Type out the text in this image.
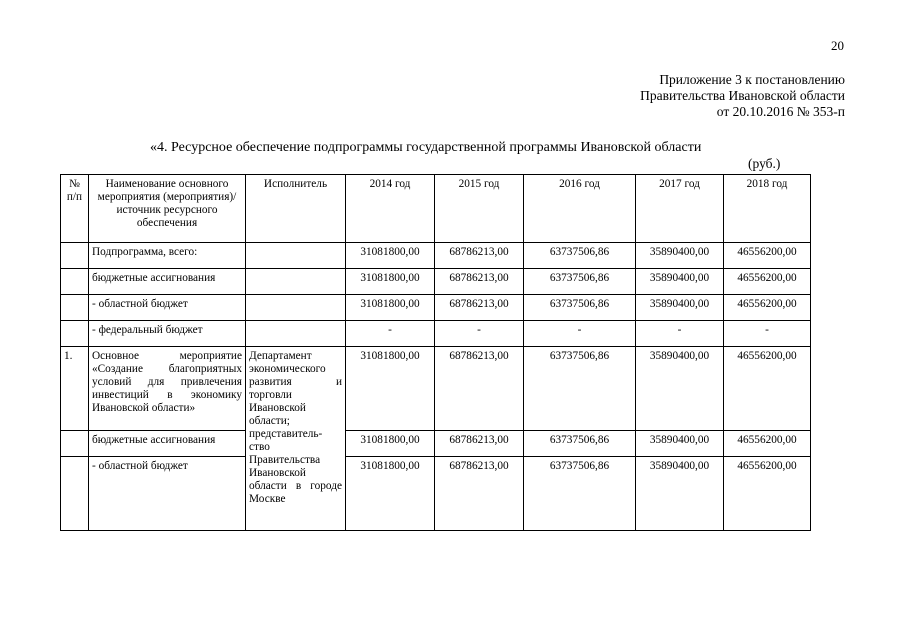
20
Приложение 3 к постановлению
Правительства Ивановской области
от 20.10.2016 № 353-п
«4. Ресурсное обеспечение подпрограммы государственной программы Ивановской области
(руб.)
№ п/п	Наименование основного мероприятия (мероприятия)/источник ресурсного обеспечения	Исполнитель	2014 год	2015 год	2016 год	2017 год	2018 год
	Подпрограмма, всего:		31081800,00	68786213,00	63737506,86	35890400,00	46556200,00
	бюджетные ассигнования		31081800,00	68786213,00	63737506,86	35890400,00	46556200,00
	- областной бюджет		31081800,00	68786213,00	63737506,86	35890400,00	46556200,00
	- федеральный бюджет		-	-	-	-	-
1.	Основное мероприятие «Создание благоприятных условий для привлечения инвестиций в экономику Ивановской области»	Департамент экономического развития и торговли Ивановской области; представитель-ство Правительства Ивановской области в городе Москве	31081800,00	68786213,00	63737506,86	35890400,00	46556200,00
	бюджетные ассигнования		31081800,00	68786213,00	63737506,86	35890400,00	46556200,00
	- областной бюджет		31081800,00	68786213,00	63737506,86	35890400,00	46556200,00
